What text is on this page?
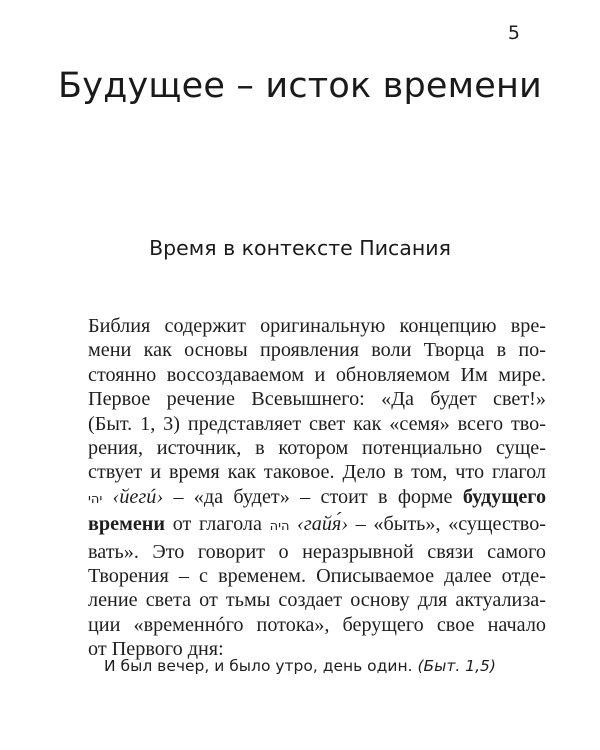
5
Будущее – исток времени
Время в контексте Писания
Библия содержит оригинальную концепцию вре-
мени как основы проявления воли Творца в по-
стоянно воссоздаваемом и обновляемом Им мире.
Первое речение Всевышнего: «Да будет свет!»
(Быт. 1, 3) представляет свет как «семя» всего тво-
рения, источник, в котором потенциально суще-
ствует и время как таковое. Дело в том, что глагол
יהי ‹йегú› – «да будет» – стоит в форме будущего
времени от глагола היה ‹гайя́› – «быть», «существо-
вать». Это говорит о неразрывной связи самого
Творения – с временем. Описываемое далее отде-
ление света от тьмы создает основу для актуализа-
ции «временнóго потока», берущего свое начало
от Первого дня:
И был вечер, и было утро, день один. (Быт. 1,5)
